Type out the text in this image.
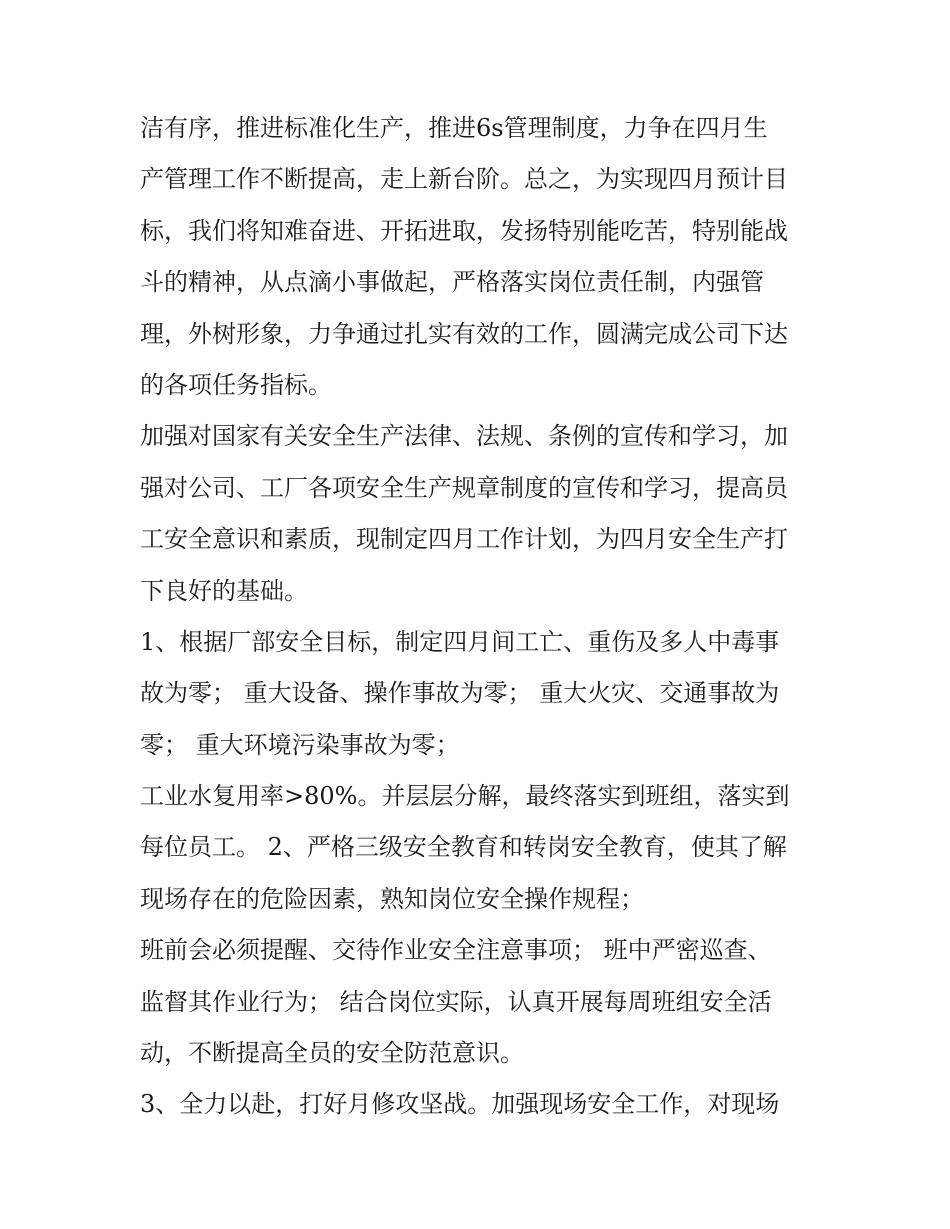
洁有序，推进标准化生产，推进6s管理制度，力争在四月生
产管理工作不断提高，走上新台阶。总之，为实现四月预计目
标，我们将知难奋进、开拓进取，发扬特别能吃苦，特别能战
斗的精神，从点滴小事做起，严格落实岗位责任制，内强管
理，外树形象，力争通过扎实有效的工作，圆满完成公司下达
的各项任务指标。
加强对国家有关安全生产法律、法规、条例的宣传和学习，加
强对公司、工厂各项安全生产规章制度的宣传和学习，提高员
工安全意识和素质，现制定四月工作计划，为四月安全生产打
下良好的基础。
1、根据厂部安全目标，制定四月间工亡、重伤及多人中毒事
故为零； 重大设备、操作事故为零； 重大火灾、交通事故为
零； 重大环境污染事故为零；
工业水复用率>80%。并层层分解，最终落实到班组，落实到
每位员工。 2、严格三级安全教育和转岗安全教育，使其了解
现场存在的危险因素，熟知岗位安全操作规程；
班前会必须提醒、交待作业安全注意事项； 班中严密巡查、
监督其作业行为； 结合岗位实际，认真开展每周班组安全活
动，不断提高全员的安全防范意识。
3、全力以赴，打好月修攻坚战。加强现场安全工作，对现场
